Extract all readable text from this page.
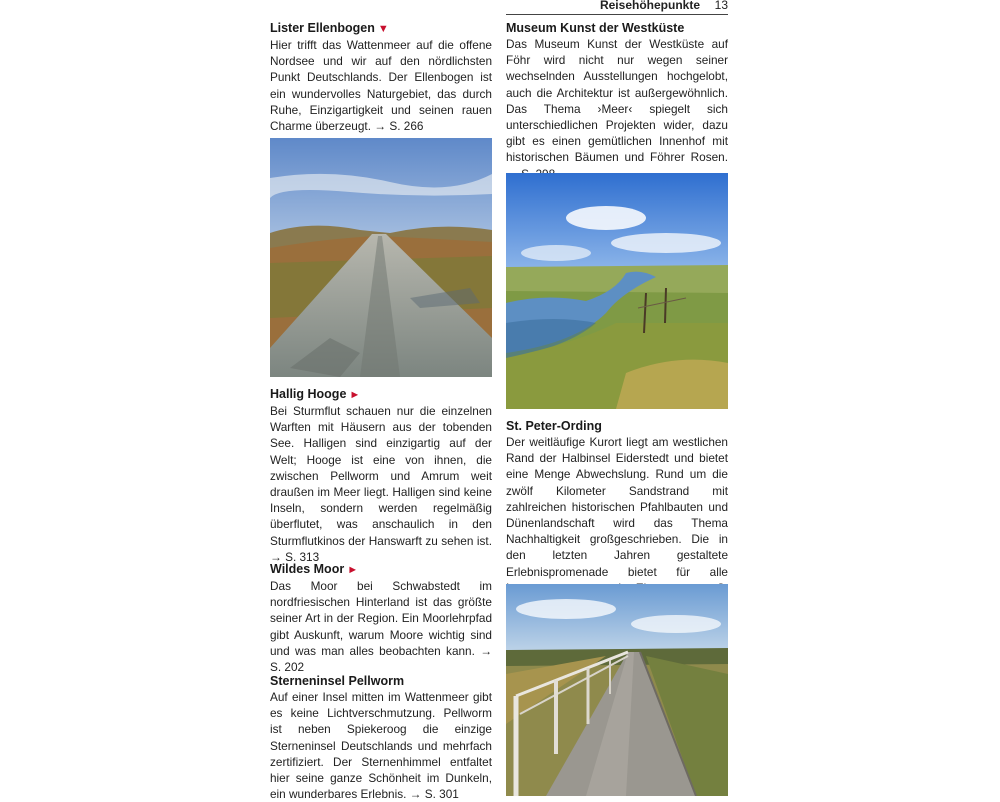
Reisehöhepunkte 13
Lister Ellenbogen ▼

Hier trifft das Wattenmeer auf die offene Nordsee und wir auf den nördlichsten Punkt Deutschlands. Der Ellenbogen ist ein wundervolles Naturgebiet, das durch Ruhe, Einzigartigkeit und seinen rauen Charme überzeugt. → S. 266

Hallig Hooge ►

Bei Sturmflut schauen nur die einzelnen Warften mit Häusern aus der tobenden See. Halligen sind einzigartig auf der Welt; Hooge ist eine von ihnen, die zwischen Pellworm und Amrum weit draußen im Meer liegt. Halligen sind keine Inseln, sondern werden regelmäßig überflutet, was anschaulich in den Sturmflutkinos der Hanswarft zu sehen ist. → S. 313

Wildes Moor ►

Das Moor bei Schwabstedt im nordfriesischen Hinterland ist das größte seiner Art in der Region. Ein Moorlehrpfad gibt Auskunft, warum Moore wichtig sind und was man alles beobachten kann. → S. 202

Sterneninsel Pellworm

Auf einer Insel mitten im Wattenmeer gibt es keine Lichtverschmutzung. Pellworm ist neben Spiekeroog die einzige Sterneninsel Deutschlands und mehrfach zertifiziert. Der Sternenhimmel entfaltet hier seine ganze Schönheit im Dunkeln, ein wunderbares Erlebnis. → S. 301

Museum Kunst der Westküste

Das Museum Kunst der Westküste auf Föhr wird nicht nur wegen seiner wechselnden Ausstellungen hochgelobt, auch die Architektur ist außergewöhnlich. Das Thema ›Meer‹ spiegelt sich unterschiedlichen Projekten wider, dazu gibt es einen gemütlichen Innenhof mit historischen Bäumen und Föhrer Rosen.

St. Peter-Ording

Der weitläufige Kurort liegt am westlichen Rand der Halbinsel Eiderstedt und bietet eine Menge Abwechslung. Rund um die zwölf Kilometer Sandstrand mit zahlreichen historischen Pfahlbauten und Dünenlandschaft wird das Thema Nachhaltigkeit großgeschrieben. Die in den letzten Jahren gestaltete Erlebnispromenade bietet für alle
